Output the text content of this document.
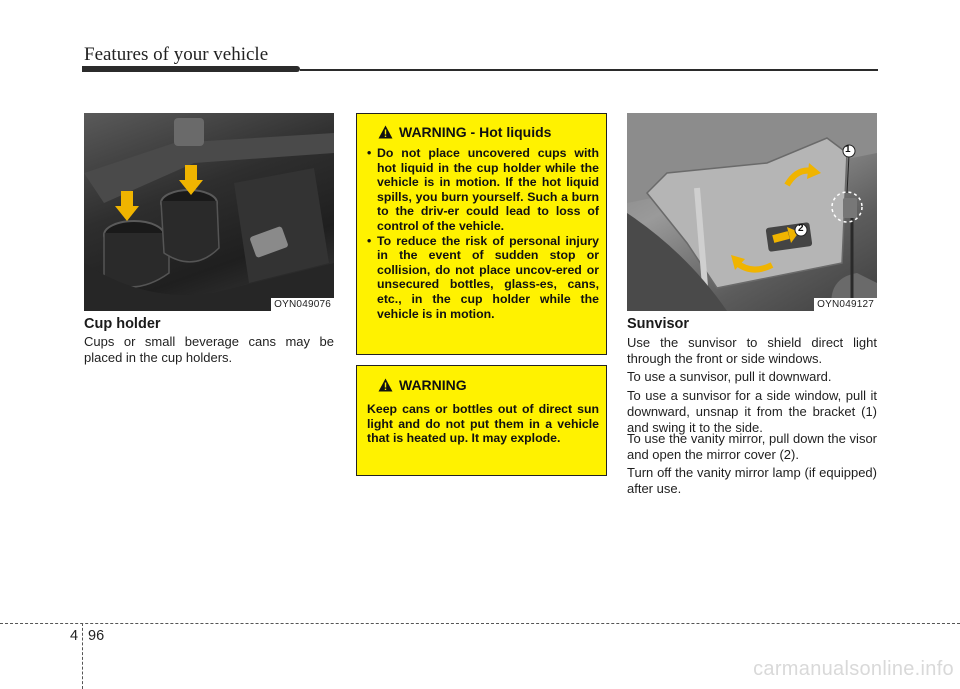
Features of your vehicle
OYN049076
Cup holder

Cups or small beverage cans may be placed in the cup holders.

WARNING - Hot liquids
• Do not place uncovered cups with hot liquid in the cup holder while the vehicle is in motion. If the hot liquid spills, you burn yourself. Such a burn to the driv-er could lead to loss of control of the vehicle.
• To reduce the risk of personal injury in the event of sudden stop or collision, do not place uncov-ered or unsecured bottles, glass-es, cans, etc., in the cup holder while the vehicle is in motion.
WARNING

Keep cans or bottles out of direct sun light and do not put them in a vehicle that is heated up. It may explode.

1
2
OYN049127
Sunvisor

Use the sunvisor to shield direct light through the front or side windows.

To use a sunvisor, pull it downward.

To use a sunvisor for a side window, pull it downward, unsnap it from the bracket (1) and swing it to the side.

To use the vanity mirror, pull down the visor and open the mirror cover (2).

Turn off the vanity mirror lamp (if equipped) after use.

4 96
carmanualsonline.info
